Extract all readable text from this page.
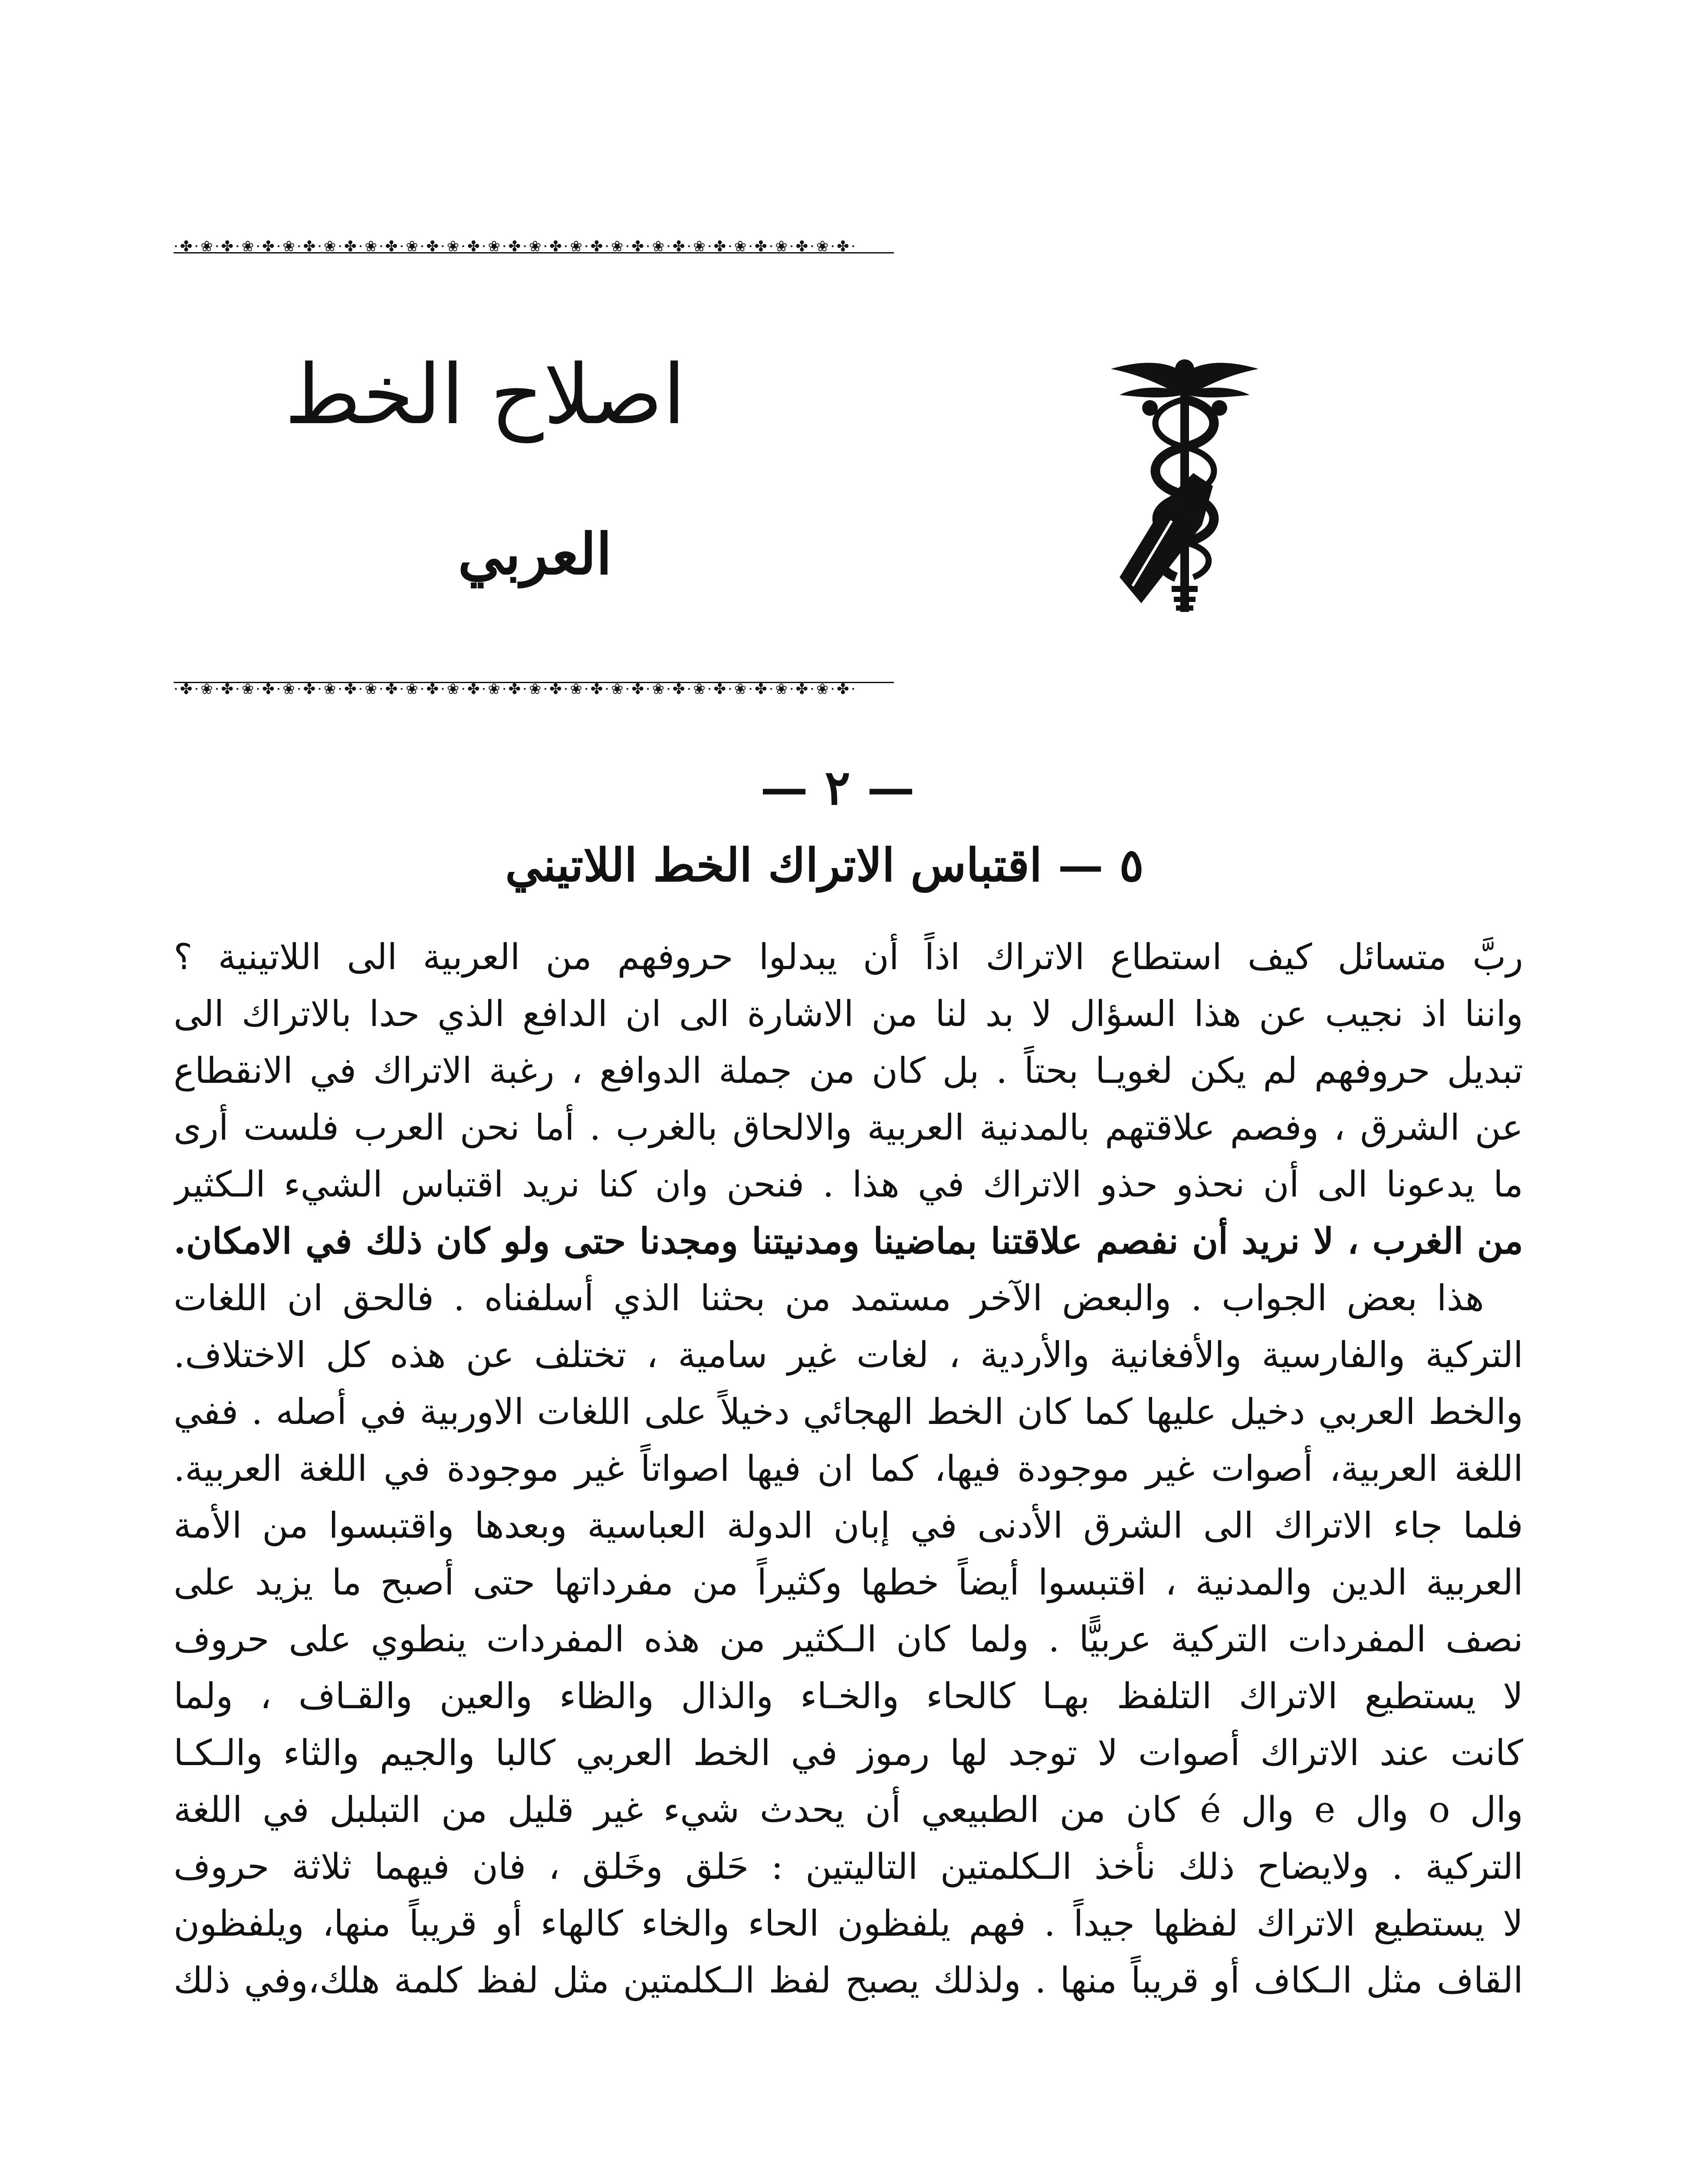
·✤·❀·✤·❀·✤·❀·✤·❀·✤·❀·✤·❀·✤·❀·✤·❀·✤·❀·✤·❀·✤·❀·✤·❀·✤·❀·✤·❀·✤·❀·✤·❀·✤·
اصلاح الخط
العربي
·✤·❀·✤·❀·✤·❀·✤·❀·✤·❀·✤·❀·✤·❀·✤·❀·✤·❀·✤·❀·✤·❀·✤·❀·✤·❀·✤·❀·✤·❀·✤·❀·✤·
— ٢ —
٥ — اقتباس الاتراك الخط اللاتيني
ربَّ متسائل كيف استطاع الاتراك اذاً أن يبدلوا حروفهم من العربية الى اللاتينية ؟
واننا اذ نجيب عن هذا السؤال لا بد لنا من الاشارة الى ان الدافع الذي حدا بالاتراك الى
تبديل حروفهم لم يكن لغويـا بحتاً . بل كان من جملة الدوافع ، رغبة الاتراك في الانقطاع
عن الشرق ، وفصم علاقتهم بالمدنية العربية والالحاق بالغرب . أما نحن العرب فلست أرى
ما يدعونا الى أن نحذو حذو الاتراك في هذا . فنحن وان كنا نريد اقتباس الشيء الـكثير
من الغرب ، لا نريد أن نفصم علاقتنا بماضينا ومدنيتنا ومجدنا حتى ولو كان ذلك في الامكان.
هذا بعض الجواب . والبعض الآخر مستمد من بحثنا الذي أسلفناه . فالحق ان اللغات
التركية والفارسية والأفغانية والأردية ، لغات غير سامية ، تختلف عن هذه كل الاختلاف.
والخط العربي دخيل عليها كما كان الخط الهجائي دخيلاً على اللغات الاوربية في أصله . ففي
اللغة العربية، أصوات غير موجودة فيها، كما ان فيها اصواتاً غير موجودة في اللغة العربية.
فلما جاء الاتراك الى الشرق الأدنى في إبان الدولة العباسية وبعدها واقتبسوا من الأمة
العربية الدين والمدنية ، اقتبسوا أيضاً خطها وكثيراً من مفرداتها حتى أصبح ما يزيد على
نصف المفردات التركية عربيًّا . ولما كان الـكثير من هذه المفردات ينطوي على حروف
لا يستطيع الاتراك التلفظ بهـا كالحاء والخـاء والذال والظاء والعين والقـاف ، ولما
كانت عند الاتراك أصوات لا توجد لها رموز في الخط العربي كالبا والجيم والثاء والـكـا
وال o وال e وال é كان من الطبيعي أن يحدث شيء غير قليل من التبلبل في اللغة
التركية . ولايضاح ذلك نأخذ الـكلمتين التاليتين : حَلق وخَلق ، فان فيهما ثلاثة حروف
لا يستطيع الاتراك لفظها جيداً . فهم يلفظون الحاء والخاء كالهاء أو قريباً منها، ويلفظون
القاف مثل الـكاف أو قريباً منها . ولذلك يصبح لفظ الـكلمتين مثل لفظ كلمة هلك،وفي ذلك
